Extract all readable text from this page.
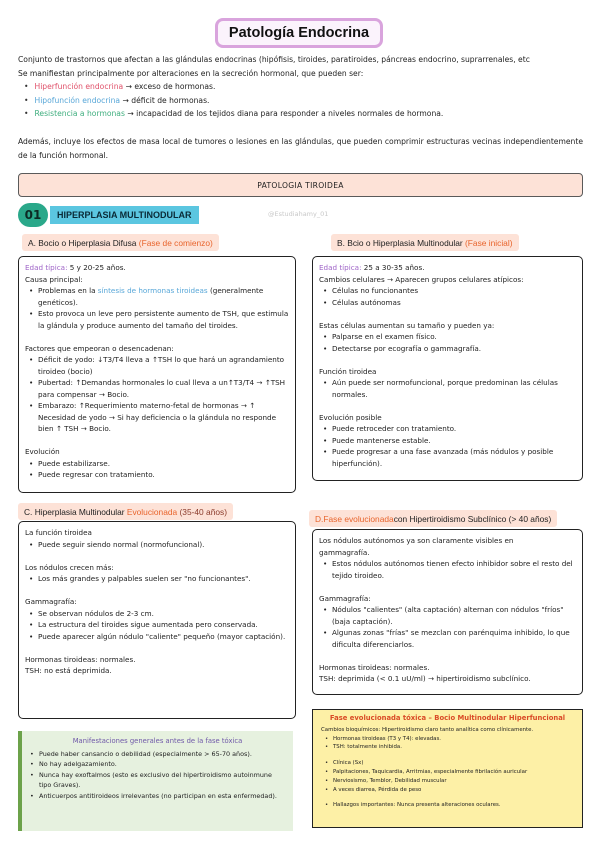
Patología Endocrina
Conjunto de trastornos que afectan a las glándulas endocrinas (hipófisis, tiroides, paratiroides, páncreas endocrino, suprarrenales, etc
Se manifiestan principalmente por alteraciones en la secreción hormonal, que pueden ser:
• Hiperfunción endocrina → exceso de hormonas.
• Hipofunción endocrina → déficit de hormonas.
• Resistencia a hormonas → incapacidad de los tejidos diana para responder a niveles normales de hormona.
Además, incluye los efectos de masa local de tumores o lesiones en las glándulas, que pueden comprimir estructuras vecinas independientemente de la función hormonal.
PATOLOGIA TIROIDEA
01	HIPERPLASIA MULTINODULAR	@Estudiahamy_01
A. Bocio o Hiperplasia Difusa
(Fase de comienzo)

Edad típica: 5 y 20-25 años.

Causa principal:

• Problemas en la síntesis de hormonas tiroideas (generalmente genéticos).
• Esto provoca un leve pero persistente aumento de TSH, que estimula la glándula y produce aumento del tamaño del tiroides.

Factores que empeoran o desencadenan:

• Déficit de yodo: ↓T3/T4 lleva a ↑TSH lo que hará un agrandamiento tiroideo (bocio)
• Pubertad: ↑Demandas hormonales lo cual lleva a un↑T3/T4 → ↑TSH para compensar → Bocio.
• Embarazo: ↑Requerimiento materno-fetal de hormonas → ↑ Necesidad de yodo → Si hay deficiencia o la glándula no responde bien ↑ TSH → Bocio.

Evolución

• Puede estabilizarse.
• Puede regresar con tratamiento.
B. Bcio o Hiperplasia Multinodular
(Fase inicial)

Edad típica: 25 a 30-35 años.

Cambios celulares → Aparecen grupos celulares atípicos:

• Células no funcionantes
• Células autónomas

Estas células aumentan su tamaño y pueden ya:

• Palparse en el examen físico.
• Detectarse por ecografía o gammagrafía.

Función tiroidea

• Aún puede ser normofuncional, porque predominan las células normales.

Evolución posible

• Puede retroceder con tratamiento.
• Puede mantenerse estable.
• Puede progresar a una fase avanzada (más nódulos y posible hiperfunción).
C. Hiperplasia Multinodular
Evolucionada
(35-40 años)

La función tiroidea

• Puede seguir siendo normal (normofuncional).

Los nódulos crecen más:

• Los más grandes y palpables suelen ser "no funcionantes".

Gammagrafía:

• Se observan nódulos de 2-3 cm.
• La estructura del tiroides sigue aumentada pero conservada.
• Puede aparecer algún nódulo "caliente" pequeño (mayor captación).

Hormonas tiroideas: normales.

TSH: no está deprimida.

D.Fase evolucionada con Hipertiroidismo Subclínico (> 40 años)

Los nódulos autónomos ya son claramente visibles en

gammagrafía.

• Estos nódulos autónomos tienen efecto inhibidor sobre el resto del tejido tiroideo.

Gammagrafía:

• Nódulos "calientes" (alta captación) alternan con nódulos "fríos" (baja captación).
• Algunas zonas "frías" se mezclan con parénquima inhibido, lo que dificulta diferenciarlos.

Hormonas tiroideas: normales.

TSH: deprimida (< 0.1 uU/ml) → hipertiroidismo subclínico.

Manifestaciones generales antes de la fase tóxica
• Puede haber cansancio o debilidad (especialmente > 65-70 años).
• No hay adelgazamiento.
• Nunca hay exoftalmos (esto es exclusivo del hipertiroidismo autoinmune tipo Graves).
• Anticuerpos antitiroideos irrelevantes (no participan en esta enfermedad).
Fase evolucionada tóxica – Bocio Multinodular Hiperfuncional
Cambios bioquímicos: Hipertiroidismo claro tanto analítica como clínicamente.
• Hormonas tiroideas (T3 y T4): elevadas.
• TSH: totalmente inhibida.
• Clínica (Sx)
• Palpitaciones, Taquicardia, Arritmias, especialmente fibrilación auricular
• Nerviosismo, Temblor, Debilidad muscular
• A veces diarrea, Pérdida de peso
• Hallazgos importantes: Nunca presenta alteraciones oculares.
